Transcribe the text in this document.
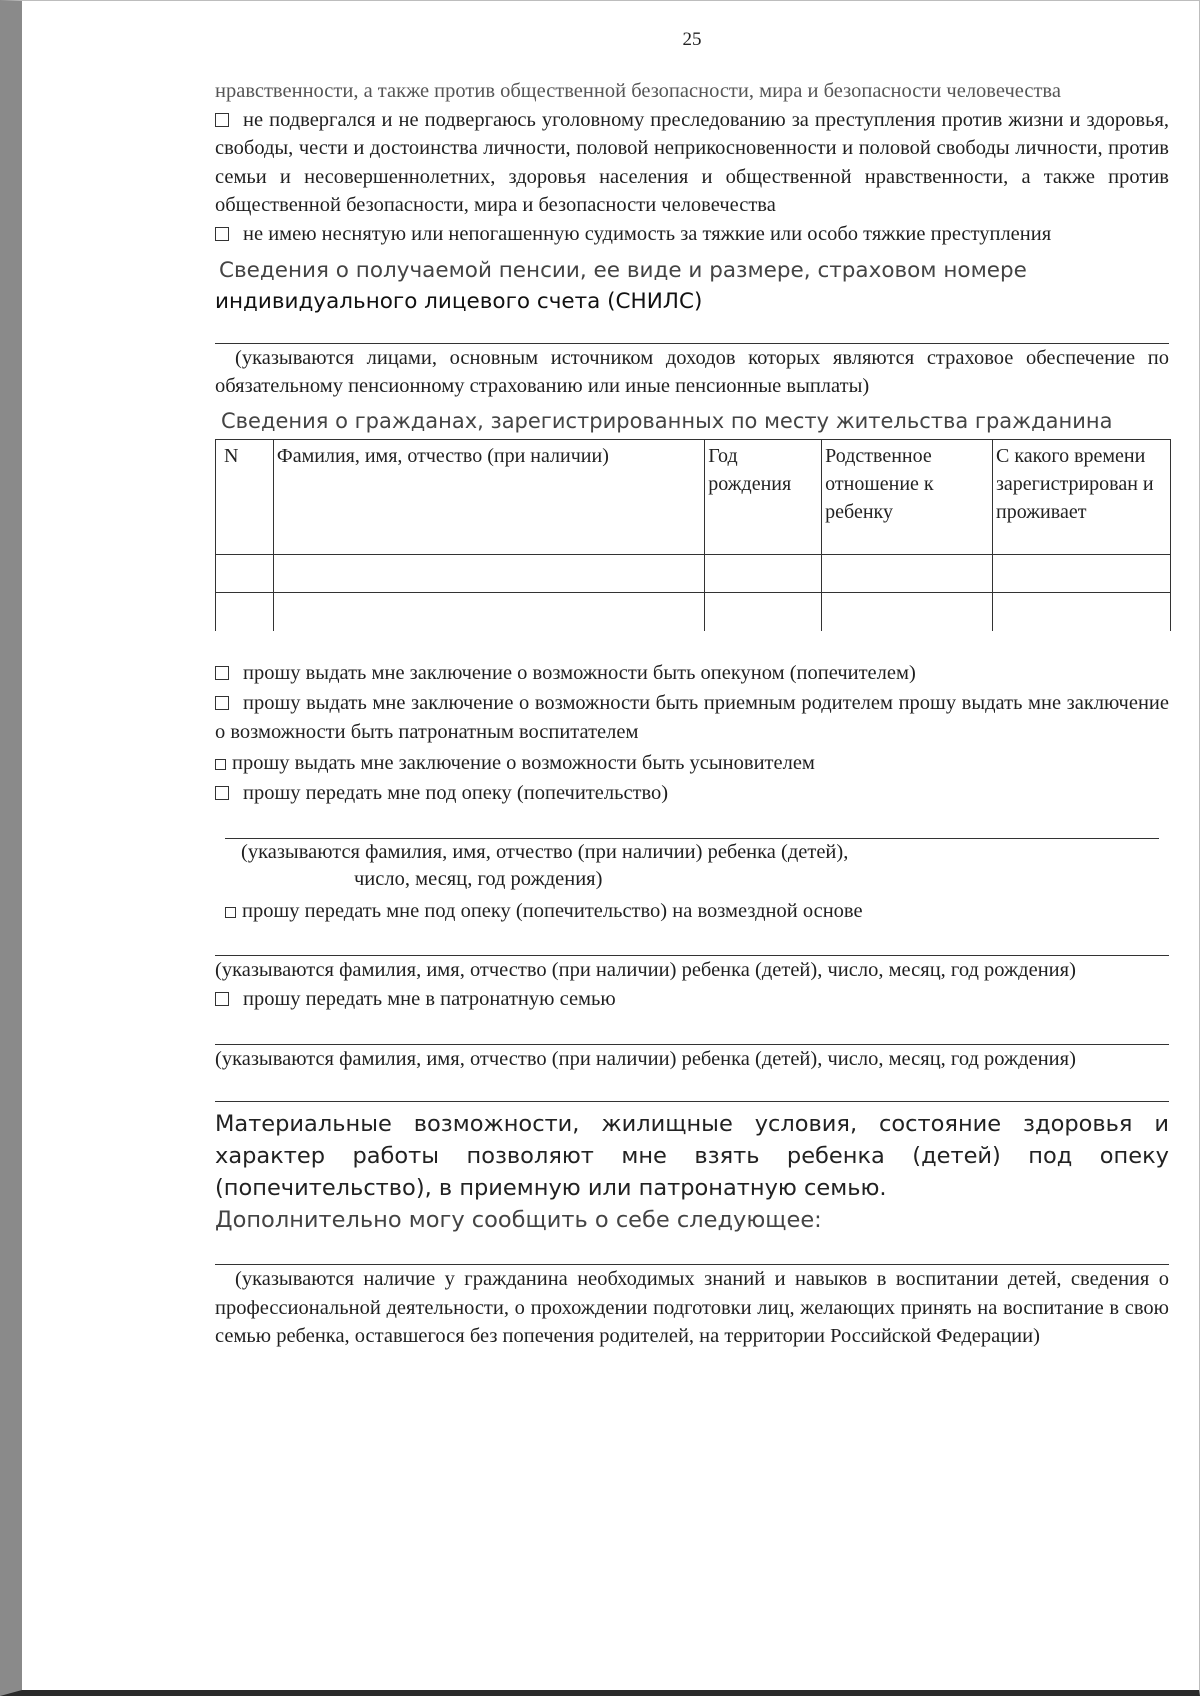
25

нравственности, а также против общественной безопасности, мира и безопасности человечества

не подвергался и не подвергаюсь уголовному преследованию за преступления против жизни и здоровья, свободы, чести и достоинства личности, половой неприкосновенности и половой свободы личности, против семьи и несовершеннолетних, здоровья населения и общественной нравственности, а также против общественной безопасности, мира и безопасности человечества

не имею неснятую или непогашенную судимость за тяжкие или особо тяжкие преступления

Сведения о получаемой пенсии, ее виде и размере, страховом номере
индивидуального лицевого счета (СНИЛС)

(указываются лицами, основным источником доходов которых являются страховое обеспечение по обязательному пенсионному страхованию или иные пенсионные выплаты)

Сведения о гражданах, зарегистрированных по месту жительства гражданина
N	Фамилия, имя, отчество (при наличии)	Год рождения	Родственное отношение к ребенку	С какого времени зарегистрирован и проживает

прошу выдать мне заключение о возможности быть опекуном (попечителем)

прошу выдать мне заключение о возможности быть приемным родителем прошу выдать мне заключение о возможности быть патронатным воспитателем

прошу выдать мне заключение о возможности быть усыновителем

прошу передать мне под опеку (попечительство)

(указываются фамилия, имя, отчество (при наличии) ребенка (детей),
число, месяц, год рождения)

прошу передать мне под опеку (попечительство) на возмездной основе

(указываются фамилия, имя, отчество (при наличии) ребенка (детей), число, месяц, год рождения)

прошу передать мне в патронатную семью

(указываются фамилия, имя, отчество (при наличии) ребенка (детей), число, месяц, год рождения)

Материальные возможности, жилищные условия, состояние здоровья и характер работы позволяют мне взять ребенка (детей) под опеку (попечительство), в приемную или патронатную семью.

Дополнительно могу сообщить о себе следующее:

(указываются наличие у гражданина необходимых знаний и навыков в воспитании детей, сведения о профессиональной деятельности, о прохождении подготовки лиц, желающих принять на воспитание в свою семью ребенка, оставшегося без попечения родителей, на территории Российской Федерации)
